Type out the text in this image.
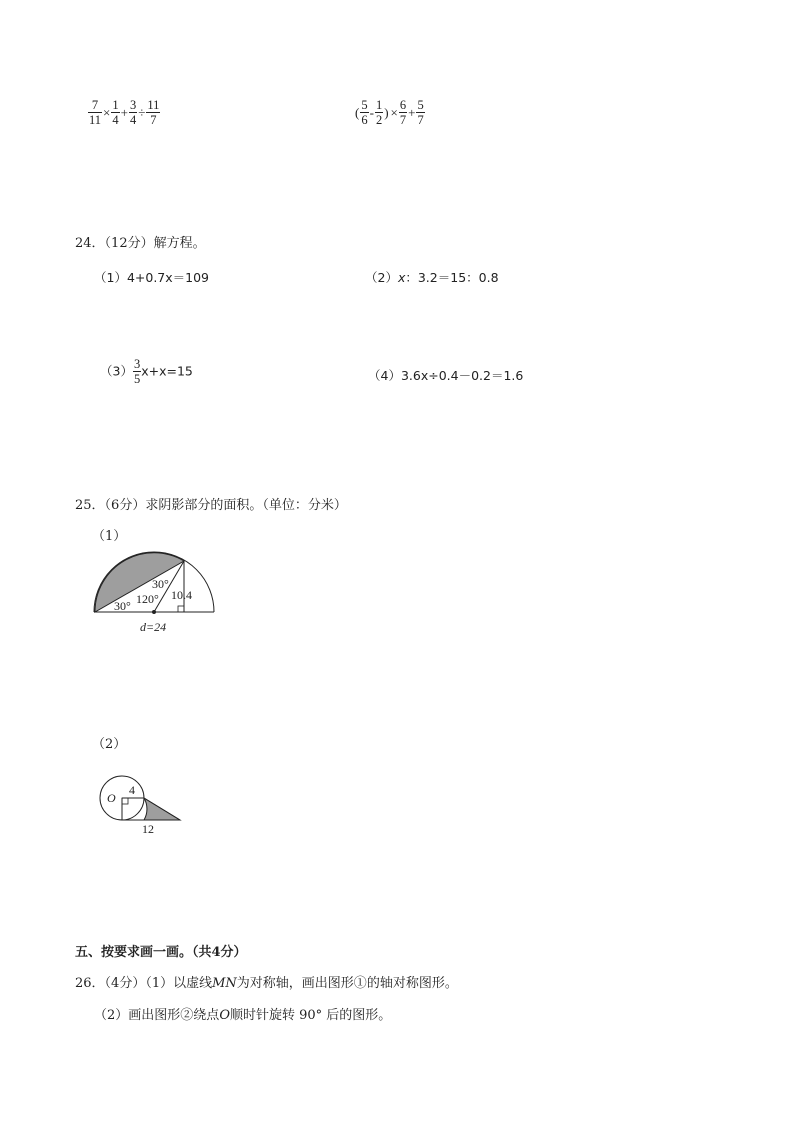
$\frac{7}{11} \times \frac{1}{4} + \frac{3}{4} \div \frac{11}{7}$	( $\frac{5}{6} - \frac{1}{2}$ ) × $\frac{6}{7} + \frac{5}{7}$
24．（12分）解方程。
（1）4+0.7x＝109	（2）x：3.2＝15：0.8
$(3) \frac{3}{5} x+x=15$	（4）3.6x÷0.4－0.2＝1.6
25．（6分）求阴影部分的面积。（单位：分米）
（1）
30° 120°
30°
10.4
d=24
（2）
O
4
12
五、按要求画一画。（共4分）
26．（4分）（1）以虚线MN为对称轴，画出图形①的轴对称图形。
（2）画出图形②绕点O顺时针旋转 90° 后的图形。
